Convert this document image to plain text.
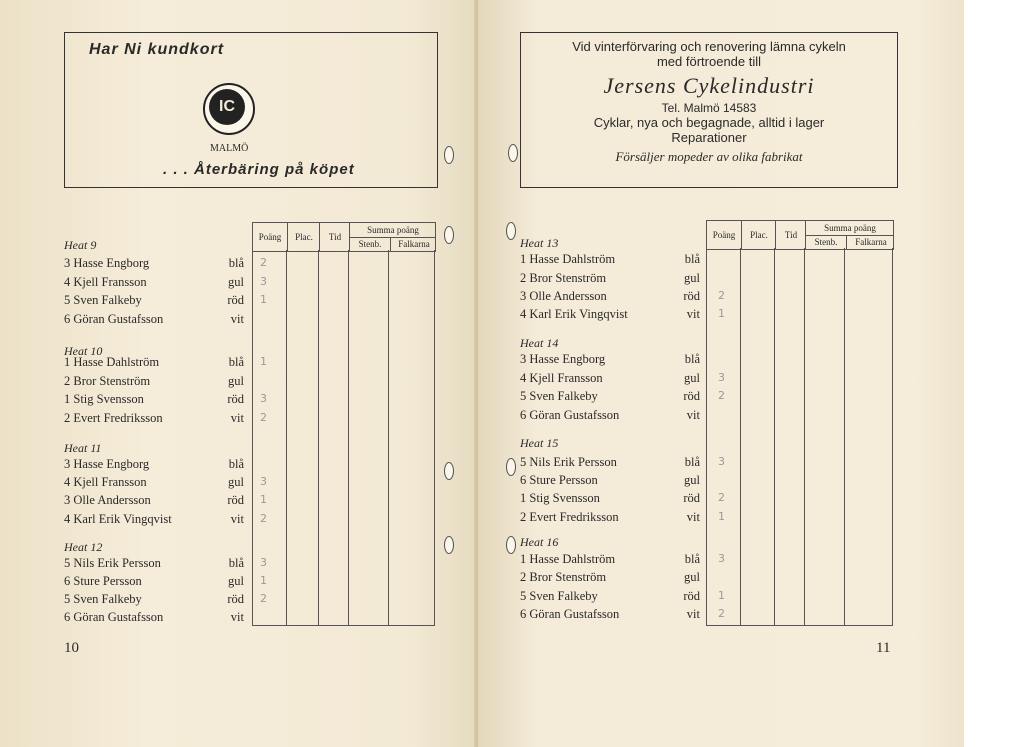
Har Ni kundkort
IC
MALMÖ
. . . Återbäring på köpet
Poäng	Plac.	Tid
Summa poäng
Stenb.	Falkarna
Heat 9
3 Hasse Engborg	blå 2
4 Kjell Fransson	gul 3
5 Sven Falkeby	röd 1
6 Göran Gustafsson	vit
Heat 10
1 Hasse Dahlström	blå 1
2 Bror Stenström	gul
1 Stig Svensson	röd 3
2 Evert Fredriksson	vit 2
Heat 11
3 Hasse Engborg	blå
4 Kjell Fransson	gul 3
3 Olle Andersson	röd 1
4 Karl Erik Vingqvist	vit 2
Heat 12
5 Nils Erik Persson	blå 3
6 Sture Persson	gul 1
5 Sven Falkeby	röd 2
6 Göran Gustafsson	vit
10
Vid vinterförvaring och renovering lämna cykeln
med förtroende till
Jersens Cykelindustri
Tel. Malmö 14583
Cyklar, nya och begagnade, alltid i lager
Reparationer
Försäljer mopeder av olika fabrikat
Poäng	Plac.	Tid
Summa poäng
Stenb.	Falkarna
Heat 13
1 Hasse Dahlström	blå
2 Bror Stenström	gul
3 Olle Andersson	röd 2
4 Karl Erik Vingqvist	vit 1
Heat 14
3 Hasse Engborg	blå
4 Kjell Fransson	gul 3
5 Sven Falkeby	röd 2
6 Göran Gustafsson	vit
Heat 15
5 Nils Erik Persson	blå 3
6 Sture Persson	gul
1 Stig Svensson	röd 2
2 Evert Fredriksson	vit 1
Heat 16
1 Hasse Dahlström	blå 3
2 Bror Stenström	gul
5 Sven Falkeby	röd 1
6 Göran Gustafsson	vit 2
11
